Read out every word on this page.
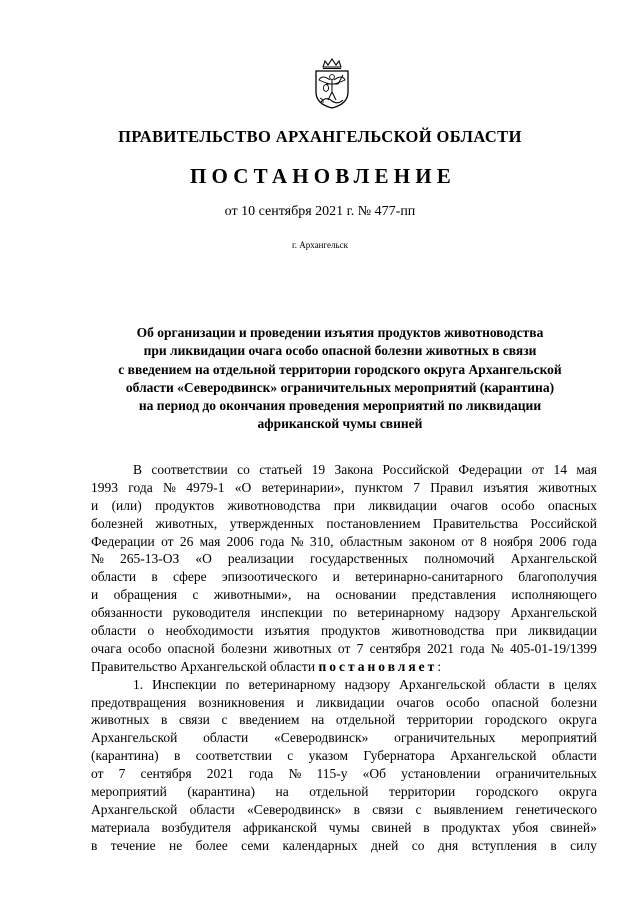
ПРАВИТЕЛЬСТВО АРХАНГЕЛЬСКОЙ ОБЛАСТИ
ПОСТАНОВЛЕНИЕ
от 10 сентября 2021 г. № 477-пп
г. Архангельск
Об организации и проведении изъятия продуктов животноводства
при ликвидации очага особо опасной болезни животных в связи
с введением на отдельной территории городского округа Архангельской
области «Северодвинск» ограничительных мероприятий (карантина)
на период до окончания проведения мероприятий по ликвидации
африканской чумы свиней
В соответствии со статьей 19 Закона Российской Федерации от 14 мая
1993 года № 4979-1 «О ветеринарии», пунктом 7 Правил изъятия животных
и (или) продуктов животноводства при ликвидации очагов особо опасных
болезней животных, утвержденных постановлением Правительства Российской
Федерации от 26 мая 2006 года № 310, областным законом от 8 ноября 2006 года
№ 265-13-ОЗ «О реализации государственных полномочий Архангельской
области в сфере эпизоотического и ветеринарно-санитарного благополучия
и обращения с животными», на основании представления исполняющего
обязанности руководителя инспекции по ветеринарному надзору Архангельской
области о необходимости изъятия продуктов животноводства при ликвидации
очага особо опасной болезни животных от 7 сентября 2021 года № 405-01-19/1399
Правительство Архангельской области постановляет :
1. Инспекции по ветеринарному надзору Архангельской области в целях
предотвращения возникновения и ликвидации очагов особо опасной болезни
животных в связи с введением на отдельной территории городского округа
Архангельской области «Северодвинск» ограничительных мероприятий
(карантина) в соответствии с указом Губернатора Архангельской области
от 7 сентября 2021 года № 115-у «Об установлении ограничительных
мероприятий (карантина) на отдельной территории городского округа
Архангельской области «Северодвинск» в связи с выявлением генетического
материала возбудителя африканской чумы свиней в продуктах убоя свиней»
в течение не более семи календарных дней со дня вступления в силу
